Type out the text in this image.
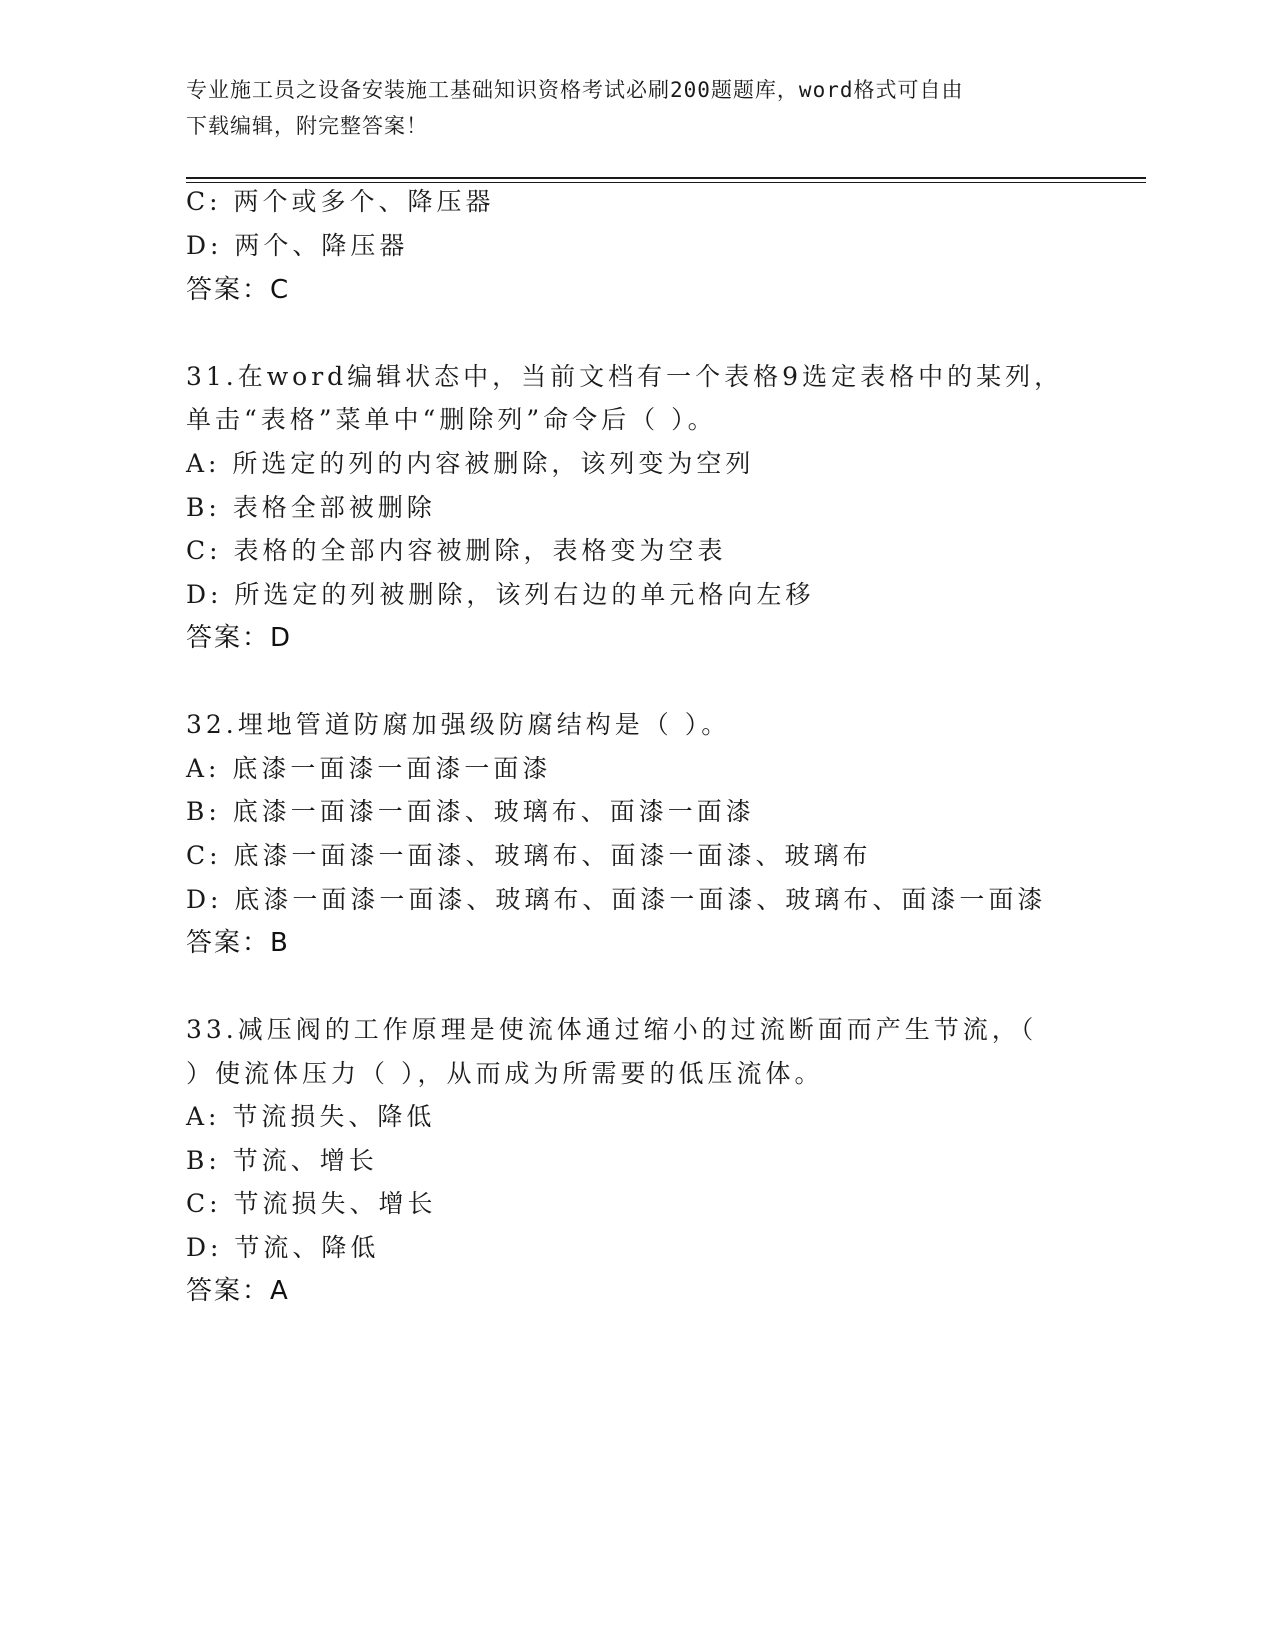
专业施工员之设备安装施工基础知识资格考试必刷200题题库，word格式可自由
下载编辑，附完整答案！
C: 两个或多个、降压器
D: 两个、降压器
答案：C
31.在word编辑状态中，当前文档有一个表格9选定表格中的某列，
单击“表格”菜单中“删除列”命令后（ ）。
A: 所选定的列的内容被删除，该列变为空列
B: 表格全部被删除
C: 表格的全部内容被删除，表格变为空表
D: 所选定的列被删除，该列右边的单元格向左移
答案：D
32.埋地管道防腐加强级防腐结构是（ ）。
A: 底漆一面漆一面漆一面漆
B: 底漆一面漆一面漆、玻璃布、面漆一面漆
C: 底漆一面漆一面漆、玻璃布、面漆一面漆、玻璃布
D: 底漆一面漆一面漆、玻璃布、面漆一面漆、玻璃布、面漆一面漆
答案：B
33.减压阀的工作原理是使流体通过缩小的过流断面而产生节流，（
）使流体压力（ ），从而成为所需要的低压流体。
A: 节流损失、降低
B: 节流、增长
C: 节流损失、增长
D: 节流、降低
答案：A
